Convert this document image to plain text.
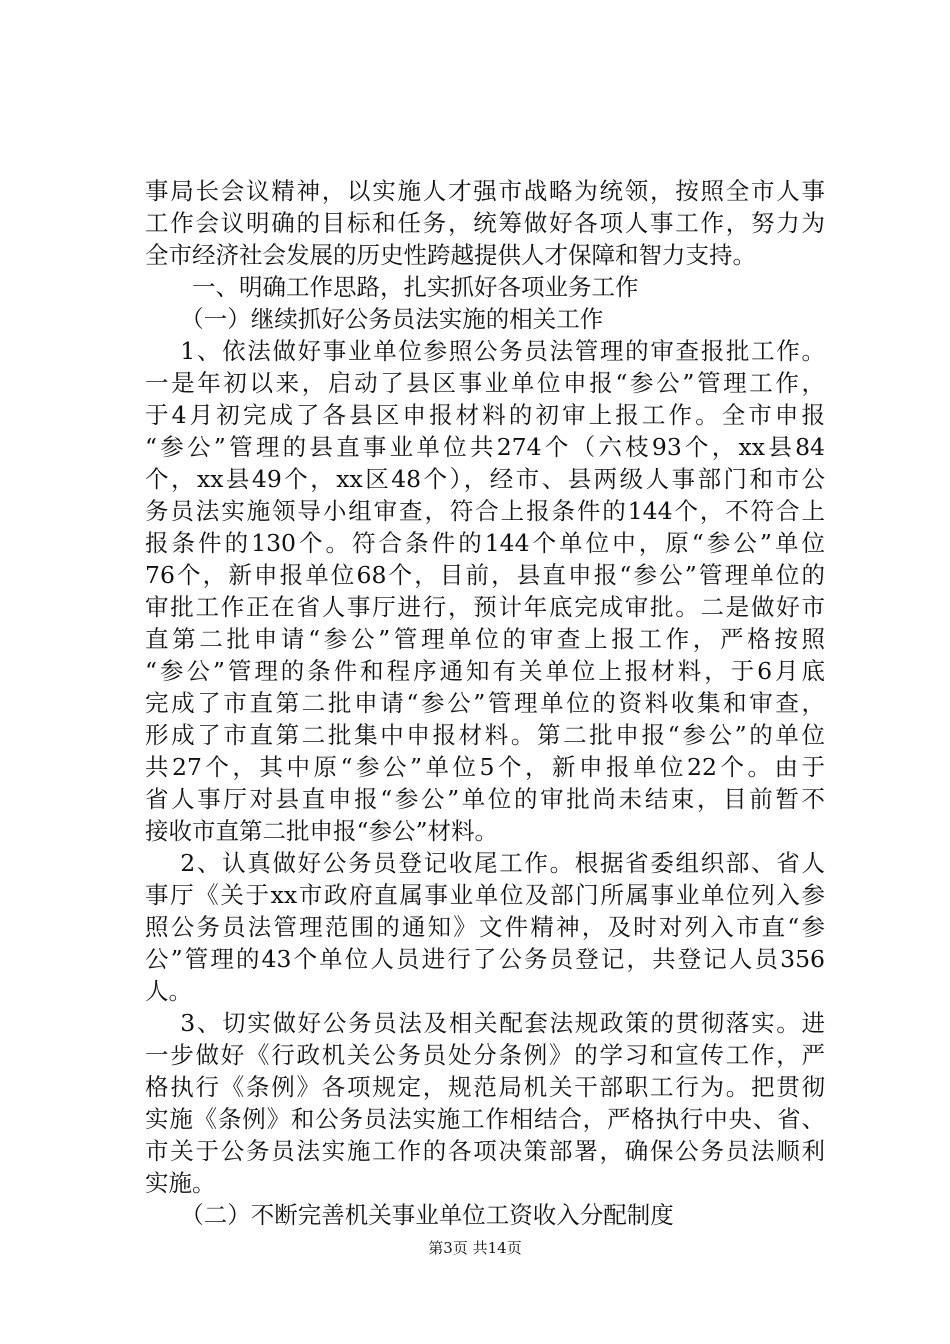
事局长会议精神，以实施人才强市战略为统领，按照全市人事
工作会议明确的目标和任务，统筹做好各项人事工作，努力为
全市经济社会发展的历史性跨越提供人才保障和智力支持。
一、明确工作思路，扎实抓好各项业务工作
（一）继续抓好公务员法实施的相关工作
1、依法做好事业单位参照公务员法管理的审查报批工作。
一是年初以来，启动了县区事业单位申报“参公”管理工作，
于4月初完成了各县区申报材料的初审上报工作。全市申报
“参公”管理的县直事业单位共274个（六枝93个，xx县84
个，xx县49个，xx区48个），经市、县两级人事部门和市公
务员法实施领导小组审查，符合上报条件的144个，不符合上
报条件的130个。符合条件的144个单位中，原“参公”单位
76个，新申报单位68个，目前，县直申报“参公”管理单位的
审批工作正在省人事厅进行，预计年底完成审批。二是做好市
直第二批申请“参公”管理单位的审查上报工作，严格按照
“参公”管理的条件和程序通知有关单位上报材料，于6月底
完成了市直第二批申请“参公”管理单位的资料收集和审查，
形成了市直第二批集中申报材料。第二批申报“参公”的单位
共27个，其中原“参公”单位5个，新申报单位22个。由于
省人事厅对县直申报“参公”单位的审批尚未结束，目前暂不
接收市直第二批申报“参公”材料。
2、认真做好公务员登记收尾工作。根据省委组织部、省人
事厅《关于xx市政府直属事业单位及部门所属事业单位列入参
照公务员法管理范围的通知》文件精神，及时对列入市直“参
公”管理的43个单位人员进行了公务员登记，共登记人员356
人。
3、切实做好公务员法及相关配套法规政策的贯彻落实。进
一步做好《行政机关公务员处分条例》的学习和宣传工作，严
格执行《条例》各项规定，规范局机关干部职工行为。把贯彻
实施《条例》和公务员法实施工作相结合，严格执行中央、省、
市关于公务员法实施工作的各项决策部署，确保公务员法顺利
实施。
（二）不断完善机关事业单位工资收入分配制度
第3页 共14页
